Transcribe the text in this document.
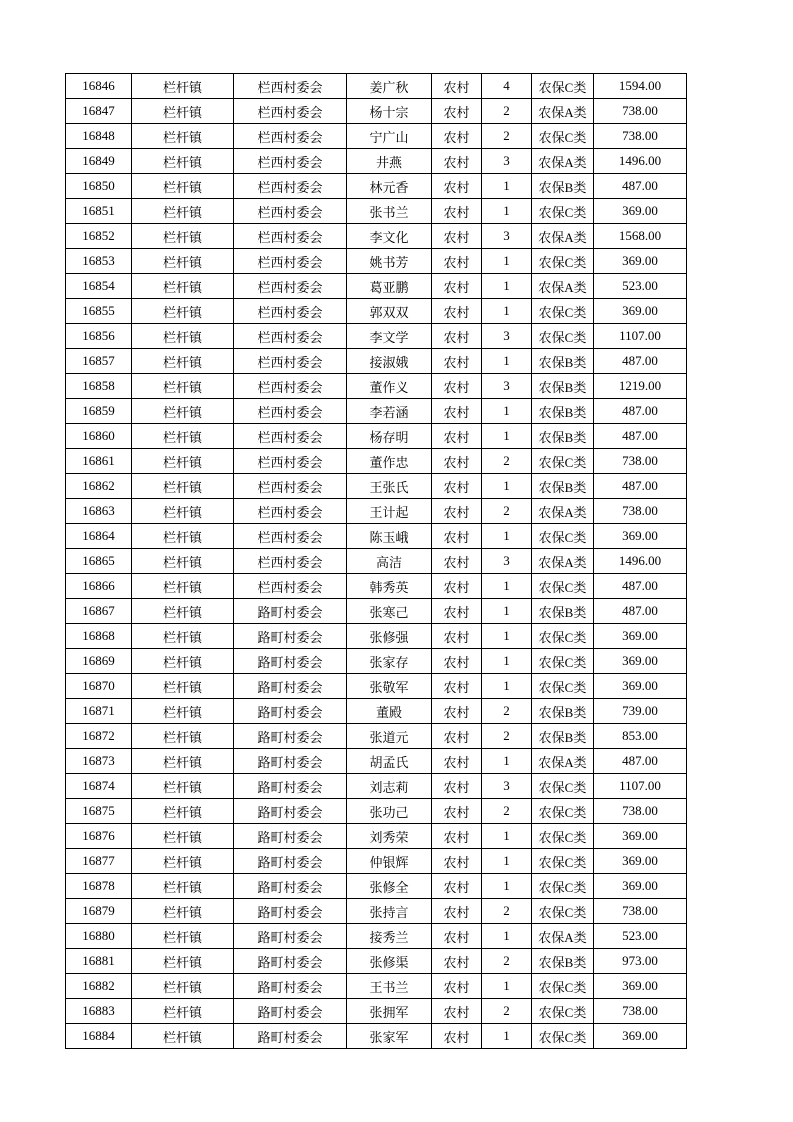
16846	栏杆镇	栏西村委会	姜广秋	农村	4	农保C类	1594.00
16847	栏杆镇	栏西村委会	杨十宗	农村	2	农保A类	738.00
16848	栏杆镇	栏西村委会	宁广山	农村	2	农保C类	738.00
16849	栏杆镇	栏西村委会	井燕	农村	3	农保A类	1496.00
16850	栏杆镇	栏西村委会	林元香	农村	1	农保B类	487.00
16851	栏杆镇	栏西村委会	张书兰	农村	1	农保C类	369.00
16852	栏杆镇	栏西村委会	李文化	农村	3	农保A类	1568.00
16853	栏杆镇	栏西村委会	姚书芳	农村	1	农保C类	369.00
16854	栏杆镇	栏西村委会	葛亚鹏	农村	1	农保A类	523.00
16855	栏杆镇	栏西村委会	郭双双	农村	1	农保C类	369.00
16856	栏杆镇	栏西村委会	李文学	农村	3	农保C类	1107.00
16857	栏杆镇	栏西村委会	接淑娥	农村	1	农保B类	487.00
16858	栏杆镇	栏西村委会	董作义	农村	3	农保B类	1219.00
16859	栏杆镇	栏西村委会	李若涵	农村	1	农保B类	487.00
16860	栏杆镇	栏西村委会	杨存明	农村	1	农保B类	487.00
16861	栏杆镇	栏西村委会	董作忠	农村	2	农保C类	738.00
16862	栏杆镇	栏西村委会	王张氏	农村	1	农保B类	487.00
16863	栏杆镇	栏西村委会	王计起	农村	2	农保A类	738.00
16864	栏杆镇	栏西村委会	陈玉峨	农村	1	农保C类	369.00
16865	栏杆镇	栏西村委会	高洁	农村	3	农保A类	1496.00
16866	栏杆镇	栏西村委会	韩秀英	农村	1	农保C类	487.00
16867	栏杆镇	路町村委会	张寒己	农村	1	农保B类	487.00
16868	栏杆镇	路町村委会	张修强	农村	1	农保C类	369.00
16869	栏杆镇	路町村委会	张家存	农村	1	农保C类	369.00
16870	栏杆镇	路町村委会	张敬军	农村	1	农保C类	369.00
16871	栏杆镇	路町村委会	董殿	农村	2	农保B类	739.00
16872	栏杆镇	路町村委会	张道元	农村	2	农保B类	853.00
16873	栏杆镇	路町村委会	胡孟氏	农村	1	农保A类	487.00
16874	栏杆镇	路町村委会	刘志莉	农村	3	农保C类	1107.00
16875	栏杆镇	路町村委会	张功己	农村	2	农保C类	738.00
16876	栏杆镇	路町村委会	刘秀荣	农村	1	农保C类	369.00
16877	栏杆镇	路町村委会	仲银辉	农村	1	农保C类	369.00
16878	栏杆镇	路町村委会	张修全	农村	1	农保C类	369.00
16879	栏杆镇	路町村委会	张持言	农村	2	农保C类	738.00
16880	栏杆镇	路町村委会	接秀兰	农村	1	农保A类	523.00
16881	栏杆镇	路町村委会	张修渠	农村	2	农保B类	973.00
16882	栏杆镇	路町村委会	王书兰	农村	1	农保C类	369.00
16883	栏杆镇	路町村委会	张拥军	农村	2	农保C类	738.00
16884	栏杆镇	路町村委会	张家军	农村	1	农保C类	369.00
